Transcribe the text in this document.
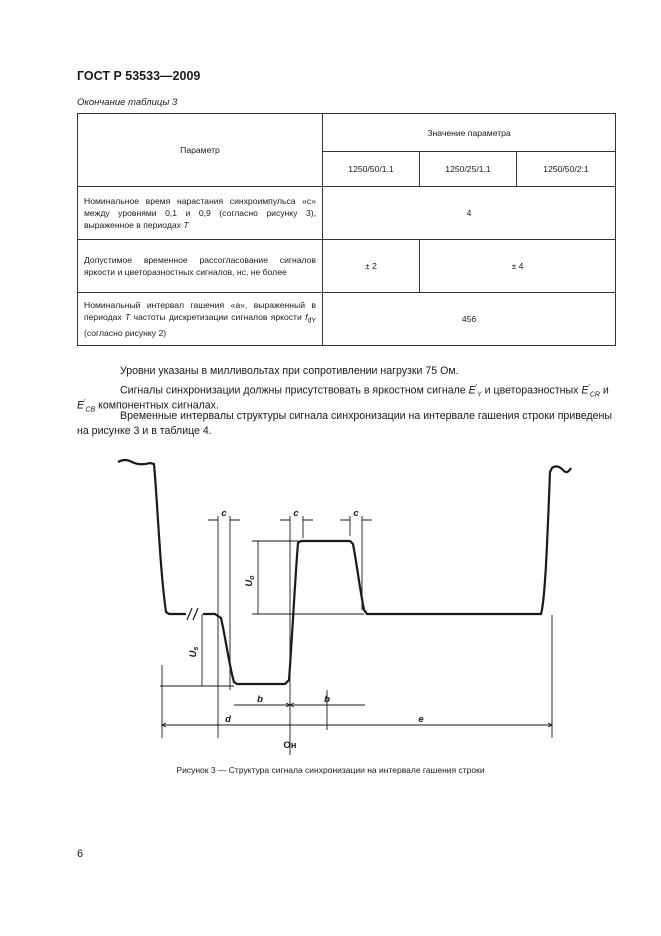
ГОСТ Р 53533—2009
Окончание таблицы 3
Параметр	Значение параметра		
	1250/50/1.1	1250/25/1.1	1250/50/2:1
Номинальное время нарастания синхроимпульса «с» между уровнями 0,1 и 0,9 (согласно рисунку 3), выраженное в периодах T	4		
Допустимое временное рассогласование сигналов яркости и цветоразностных сигналов, нс, не более	± 2	± 4	
Номинальный интервал гашения «а», выраженный в периодах T частоты дискретизации сигналов яркости $f_{dY}$ (согласно рисунку 2)	456		
Уровни указаны в милливольтах при сопротивлении нагрузки 75 Ом.
Сигналы синхронизации должны присутствовать в яркостном сигнале $E'_Y$ и цветоразностных $E'_{CR}$ и
$E'_{CB}$ компонентных сигналах.
Временные интервалы структуры сигнала синхронизации на интервале гашения строки приведены
на рисунке 3 и в таблице 4.
c	c	c
b	b
d	e
$U_o$
$U_s$
Oн
Рисунок 3 — Структура сигнала синхронизации на интервале гашения строки
6
